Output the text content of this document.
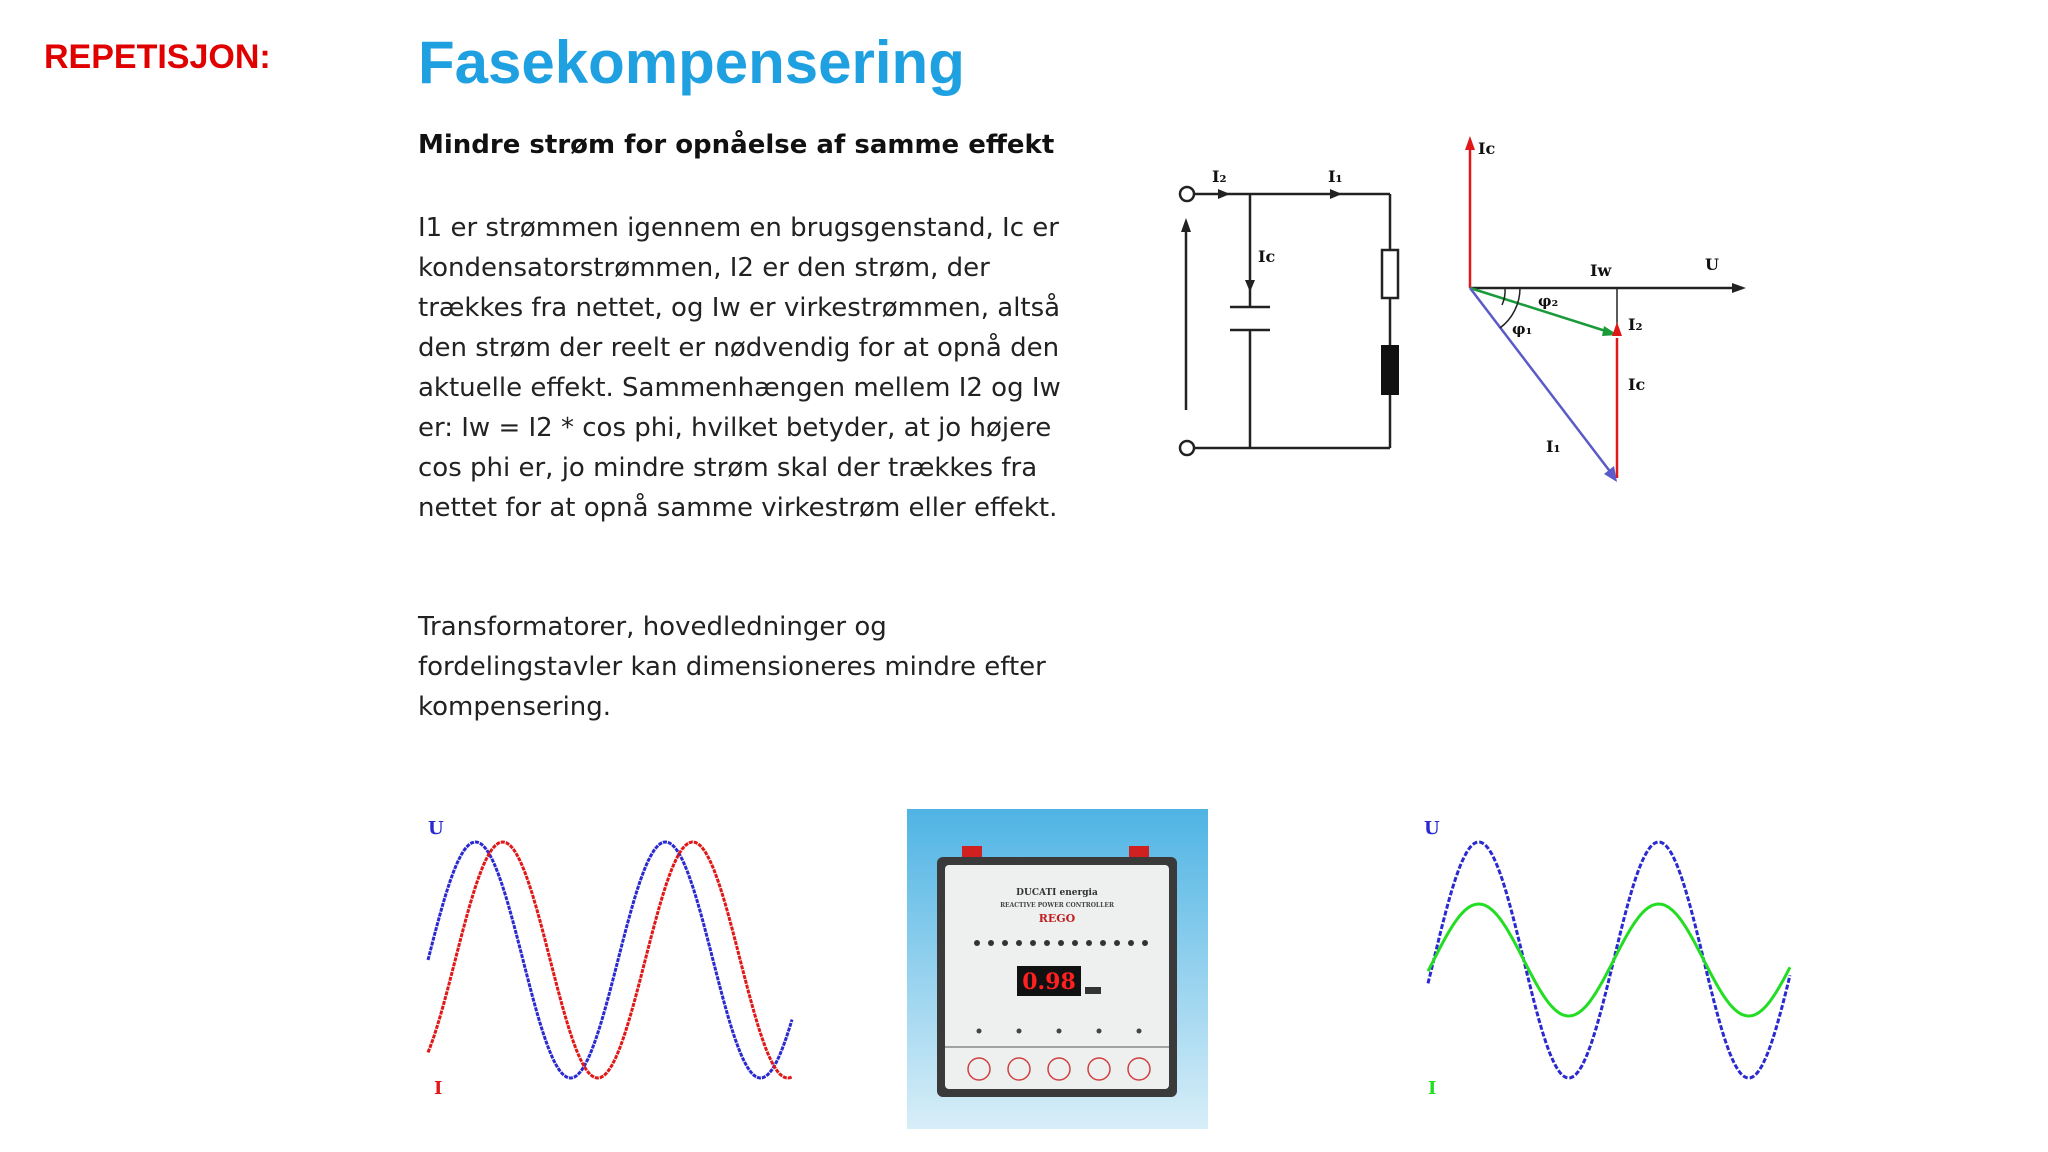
REPETISJON: Fasekompensering
Mindre strøm for opnåelse af samme effekt
I1 er strømmen igennem en brugsgenstand, Ic er kondensatorstrømmen, I2 er den strøm, der trækkes fra nettet, og Iw er virkestrømmen, altså den strøm der reelt er nødvendig for at opnå den aktuelle effekt. Sammenhængen mellem I2 og Iw er: Iw = I2 * cos phi, hvilket betyder, at jo højere cos phi er, jo mindre strøm skal der trækkes fra nettet for at opnå samme virkestrøm eller effekt.
Transformatorer, hovedledninger og fordelingstavler kan dimensioneres mindre efter kompensering.
I₂	I₁
Ic
Ic
Iw	U
φ₂
φ₁	I₂
Ic
I₁
U
I
DUCATI energia
REACTIVE POWER CONTROLLER
REGO
0.98
U
I
